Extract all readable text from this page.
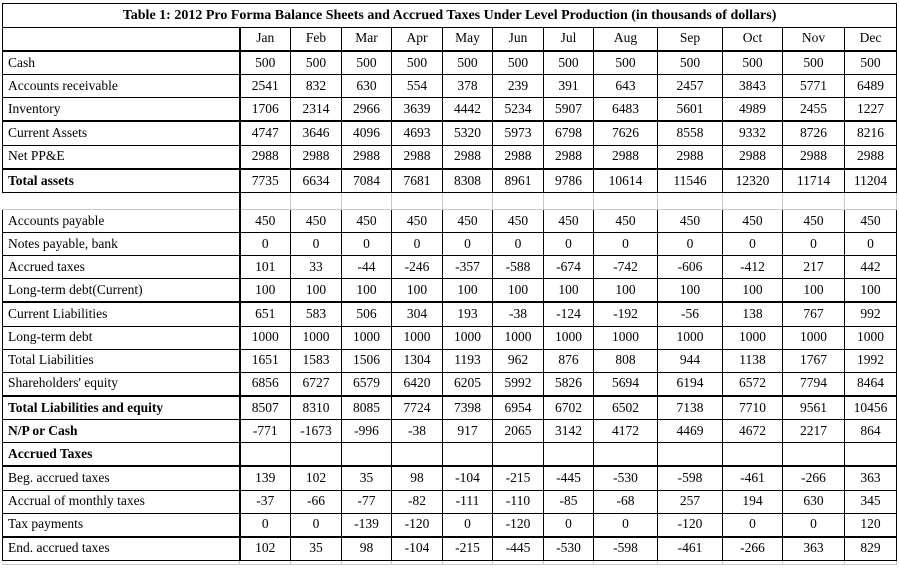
Table 1: 2012 Pro Forma Balance Sheets and Accrued Taxes Under Level Production (in thousands of dollars)												
	Jan	Feb	Mar	Apr	May	Jun	Jul	Aug	Sep	Oct	Nov	Dec
Cash	500	500	500	500	500	500	500	500	500	500	500	500
Accounts receivable	2541	832	630	554	378	239	391	643	2457	3843	5771	6489
Inventory	1706	2314	2966	3639	4442	5234	5907	6483	5601	4989	2455	1227
Current Assets	4747	3646	4096	4693	5320	5973	6798	7626	8558	9332	8726	8216
Net PP&E	2988	2988	2988	2988	2988	2988	2988	2988	2988	2988	2988	2988
Total assets	7735	6634	7084	7681	8308	8961	9786	10614	11546	12320	11714	11204

Accounts payable	450	450	450	450	450	450	450	450	450	450	450	450
Notes payable, bank	0	0	0	0	0	0	0	0	0	0	0	0
Accrued taxes	101	33	-44	-246	-357	-588	-674	-742	-606	-412	217	442
Long-term debt(Current)	100	100	100	100	100	100	100	100	100	100	100	100
Current Liabilities	651	583	506	304	193	-38	-124	-192	-56	138	767	992
Long-term debt	1000	1000	1000	1000	1000	1000	1000	1000	1000	1000	1000	1000
Total Liabilities	1651	1583	1506	1304	1193	962	876	808	944	1138	1767	1992
Shareholders' equity	6856	6727	6579	6420	6205	5992	5826	5694	6194	6572	7794	8464
Total Liabilities and equity	8507	8310	8085	7724	7398	6954	6702	6502	7138	7710	9561	10456
N/P or Cash	-771	-1673	-996	-38	917	2065	3142	4172	4469	4672	2217	864
Accrued Taxes												
Beg. accrued taxes	139	102	35	98	-104	-215	-445	-530	-598	-461	-266	363
Accrual of monthly taxes	-37	-66	-77	-82	-111	-110	-85	-68	257	194	630	345
Tax payments	0	0	-139	-120	0	-120	0	0	-120	0	0	120
End. accrued taxes	102	35	98	-104	-215	-445	-530	-598	-461	-266	363	829
